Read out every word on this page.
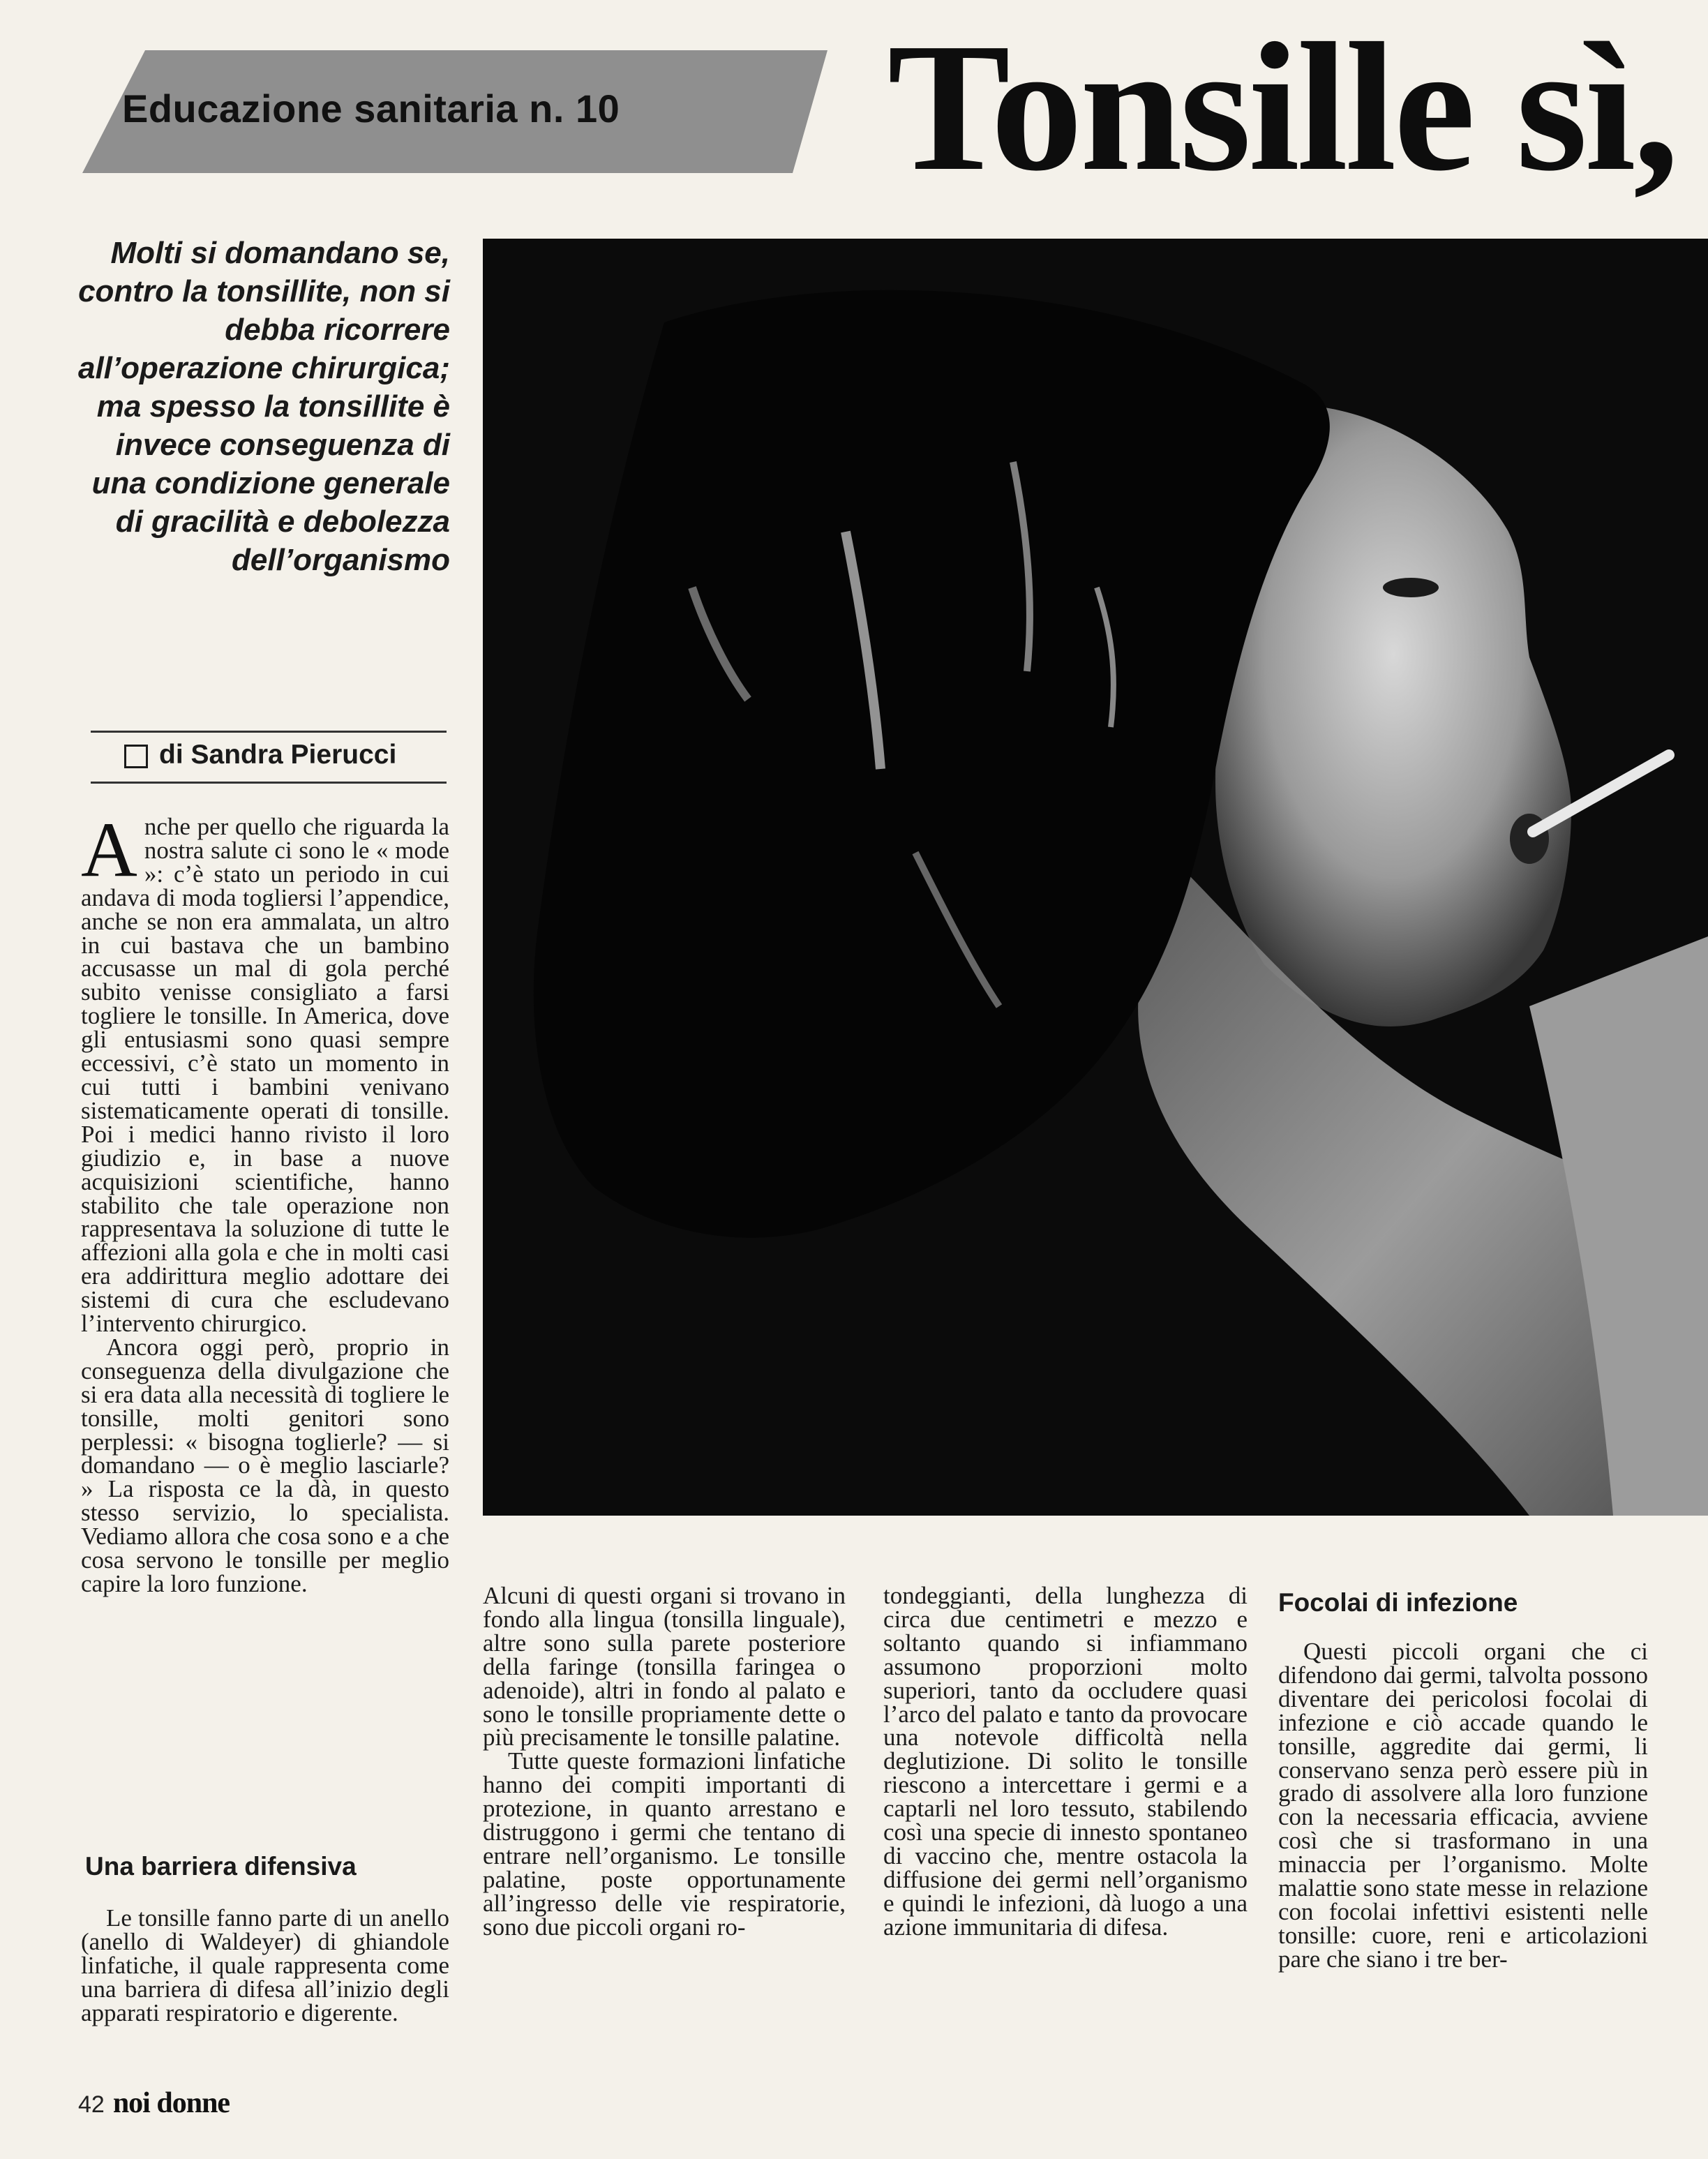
Educazione sanitaria n. 10 Tonsille sì,
Molti si domandano se, contro la tonsillite, non si debba ricorrere all’operazione chirurgica; ma spesso la tonsillite è invece conseguenza di una condizione generale di gracilità e debolezza dell’organismo
di Sandra Pierucci

Anche per quello che riguarda la nostra salute ci sono le « mode »: c’è stato un periodo in cui andava di moda togliersi l’appendice, anche se non era ammalata, un altro in cui bastava che un bambino accusasse un mal di gola perché subito venisse consigliato a farsi togliere le tonsille. In America, dove gli entusiasmi sono quasi sempre eccessivi, c’è stato un momento in cui tutti i bambini venivano sistematicamente operati di tonsille. Poi i medici hanno rivisto il loro giudizio e, in base a nuove acquisizioni scientifiche, hanno stabilito che tale operazione non rappresentava la soluzione di tutte le affezioni alla gola e che in molti casi era addirittura meglio adottare dei sistemi di cura che escludevano l’intervento chirurgico.

Ancora oggi però, proprio in conseguenza della divulgazione che si era data alla necessità di togliere le tonsille, molti genitori sono perplessi: « bisogna toglierle? — si domandano — o è meglio lasciarle? » La risposta ce la dà, in questo stesso servizio, lo specialista. Vediamo allora che cosa sono e a che cosa servono le tonsille per meglio capire la loro funzione.

Una barriera difensiva

Le tonsille fanno parte di un anello (anello di Waldeyer) di ghiandole linfatiche, il quale rappresenta come una barriera di difesa all’inizio degli apparati respiratorio e digerente.

Alcuni di questi organi si trovano in fondo alla lingua (tonsilla linguale), altre sono sulla parete posteriore della faringe (tonsilla faringea o adenoide), altri in fondo al palato e sono le tonsille propriamente dette o più precisamente le tonsille palatine.

Tutte queste formazioni linfatiche hanno dei compiti importanti di protezione, in quanto arrestano e distruggono i germi che tentano di entrare nell’organismo. Le tonsille palatine, poste opportunamente all’ingresso delle vie respiratorie, sono due piccoli organi ro-

tondeggianti, della lunghezza di circa due centimetri e mezzo e soltanto quando si infiammano assumono proporzioni molto superiori, tanto da occludere quasi l’arco del palato e tanto da provocare una notevole difficoltà nella deglutizione. Di solito le tonsille riescono a intercettare i germi e a captarli nel loro tessuto, stabilendo così una specie di innesto spontaneo di vaccino che, mentre ostacola la diffusione dei germi nell’organismo e quindi le infezioni, dà luogo a una azione immunitaria di difesa.

Focolai di infezione

Questi piccoli organi che ci difendono dai germi, talvolta possono diventare dei pericolosi focolai di infezione e ciò accade quando le tonsille, aggredite dai germi, li conservano senza però essere più in grado di assolvere alla loro funzione con la necessaria efficacia, avviene così che si trasformano in una minaccia per l’organismo. Molte malattie sono state messe in relazione con focolai infettivi esistenti nelle tonsille: cuore, reni e articolazioni pare che siano i tre ber-

42 noi donne
